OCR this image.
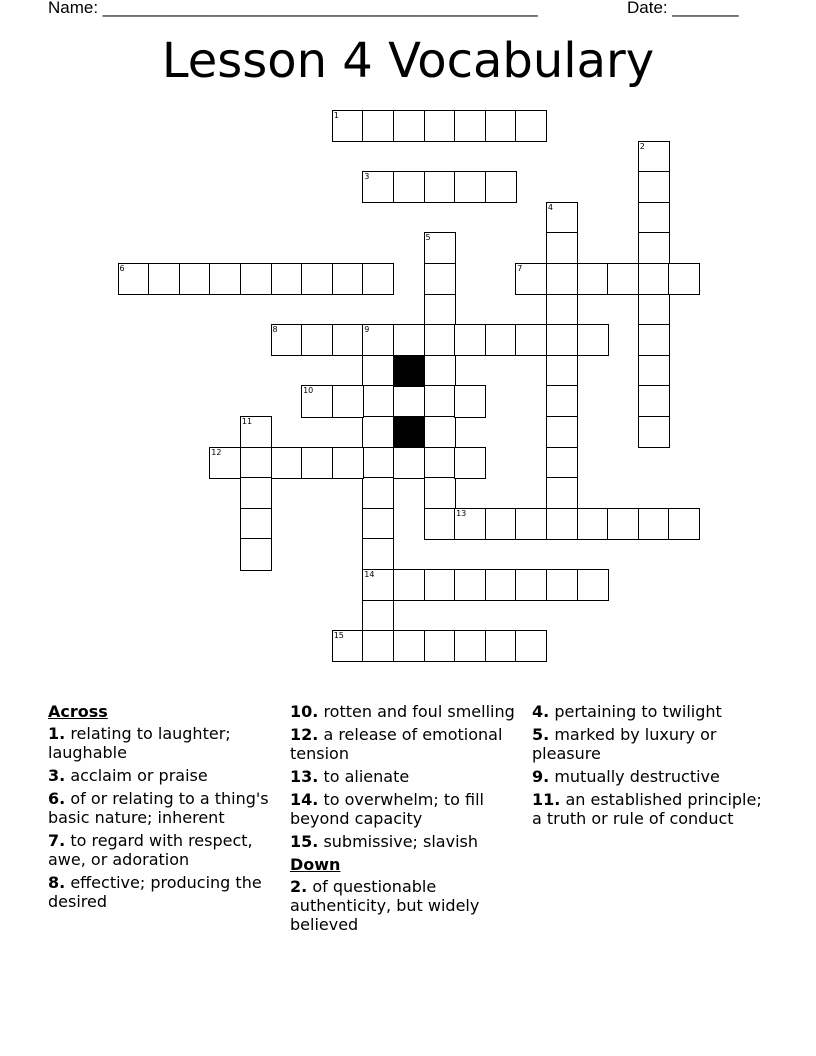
Name: ______________________________________________	Date: _______
Lesson 4 Vocabulary
1
2
3
4
5
6	7
8	9
14
10
11
12
13
15
Across
1. relating to laughter; laughable
3. acclaim or praise
6. of or relating to a thing's basic nature; inherent
7. to regard with respect, awe, or adoration
8. effective; producing the desired
10. rotten and foul smelling
12. a release of emotional tension
13. to alienate
14. to overwhelm; to fill beyond capacity
15. submissive; slavish
Down
2. of questionable authenticity, but widely believed
4. pertaining to twilight
5. marked by luxury or pleasure
9. mutually destructive
11. an established principle; a truth or rule of conduct
